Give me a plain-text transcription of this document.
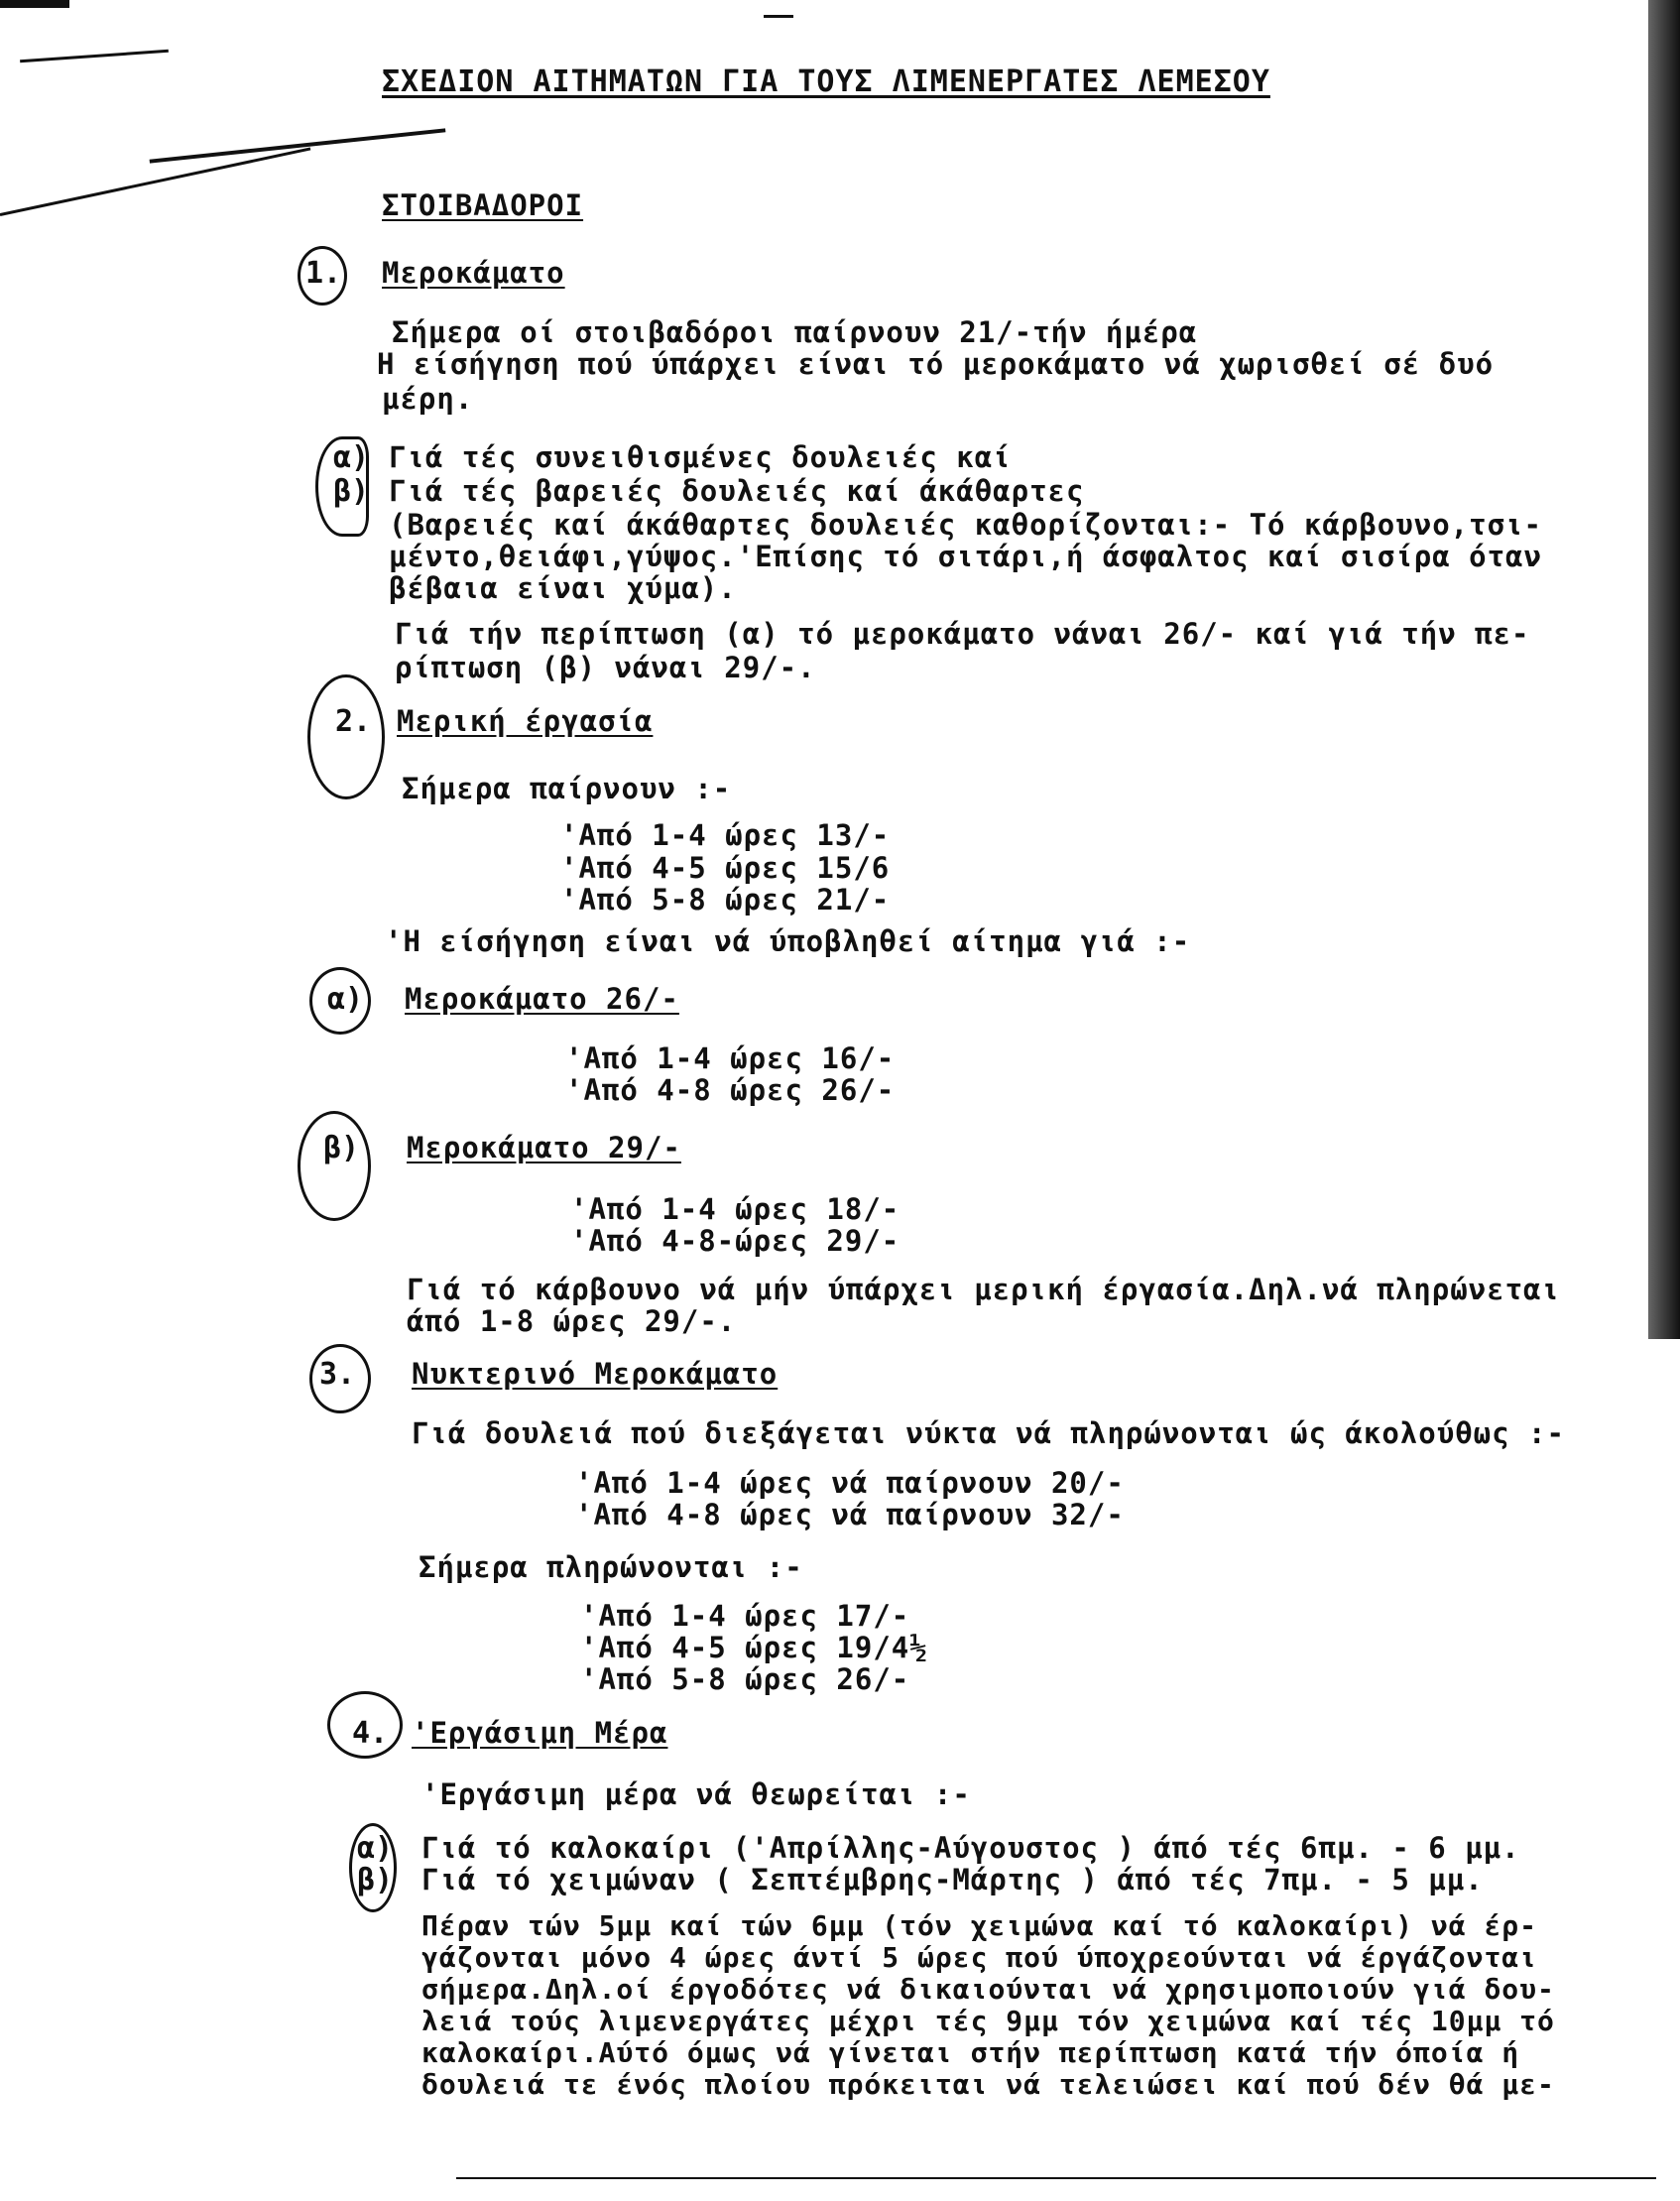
ΣΧΕΔΙΟΝ ΑΙΤΗΜΑΤΩΝ ΓΙΑ ΤΟΥΣ ΛΙΜΕΝΕΡΓΑΤΕΣ ΛΕΜΕΣΟΥ
ΣΤΟΙΒΑΔΟΡΟΙ
1. Μεροκάματο
Σήμερα οί στοιβαδόροι παίρνουν 21/-τήν ήμέρα
Η είσήγηση πού ύπάρχει είναι τό μεροκάματο νά χωρισθεί σέ δυό
μέρη.
α)
β)
Γιά τές συνειθισμένες δουλειές καί
Γιά τές βαρειές δουλειές καί άκάθαρτες
(Βαρειές καί άκάθαρτες δουλειές καθορίζονται:- Τό κάρβουνο,τσι-
μέντο,θειάφι,γύψος.'Επίσης τό σιτάρι,ή άσφαλτος καί σισίρα όταν
βέβαια είναι χύμα).
Γιά τήν περίπτωση (α) τό μεροκάματο νάναι 26/- καί γιά τήν πε-
ρίπτωση (β) νάναι 29/-.
2. Μερική έργασία
Σήμερα παίρνουν :-
'Από 1-4 ώρες 13/-
'Από 4-5 ώρες 15/6
'Από 5-8 ώρες 21/-
'Η είσήγηση είναι νά ύποβληθεί αίτημα γιά :-
α) Μεροκάματο 26/-
'Από 1-4 ώρες 16/-
'Από 4-8 ώρες 26/-
β) Μεροκάματο 29/-
'Από 1-4 ώρες 18/-
'Από 4-8-ώρες 29/-
Γιά τό κάρβουνο νά μήν ύπάρχει μερική έργασία.Δηλ.νά πληρώνεται
άπό 1-8 ώρες 29/-.
3. Νυκτερινό Μεροκάματο
Γιά δουλειά πού διεξάγεται νύκτα νά πληρώνονται ώς άκολούθως :-
'Από 1-4 ώρες νά παίρνουν 20/-
'Από 4-8 ώρες νά παίρνουν 32/-
Σήμερα πληρώνονται :-
'Από 1-4 ώρες 17/-
'Από 4-5 ώρες 19/4½
'Από 5-8 ώρες 26/-
4. 'Εργάσιμη Μέρα
'Εργάσιμη μέρα νά θεωρείται :-
α)
β)
Γιά τό καλοκαίρι ('Απρίλλης-Αύγουστος ) άπό τές 6πμ. - 6 μμ.
Γιά τό χειμώναν ( Σεπτέμβρης-Μάρτης ) άπό τές 7πμ. - 5 μμ.
Πέραν τών 5μμ καί τών 6μμ (τόν χειμώνα καί τό καλοκαίρι) νά έρ-
γάζονται μόνο 4 ώρες άντί 5 ώρες πού ύποχρεούνται νά έργάζονται
σήμερα.Δηλ.οί έργοδότες νά δικαιούνται νά χρησιμοποιούν γιά δου-
λειά τούς λιμενεργάτες μέχρι τές 9μμ τόν χειμώνα καί τές 10μμ τό
καλοκαίρι.Αύτό όμως νά γίνεται στήν περίπτωση κατά τήν όποία ή
δουλειά τε ένός πλοίου πρόκειται νά τελειώσει καί πού δέν θά με-
